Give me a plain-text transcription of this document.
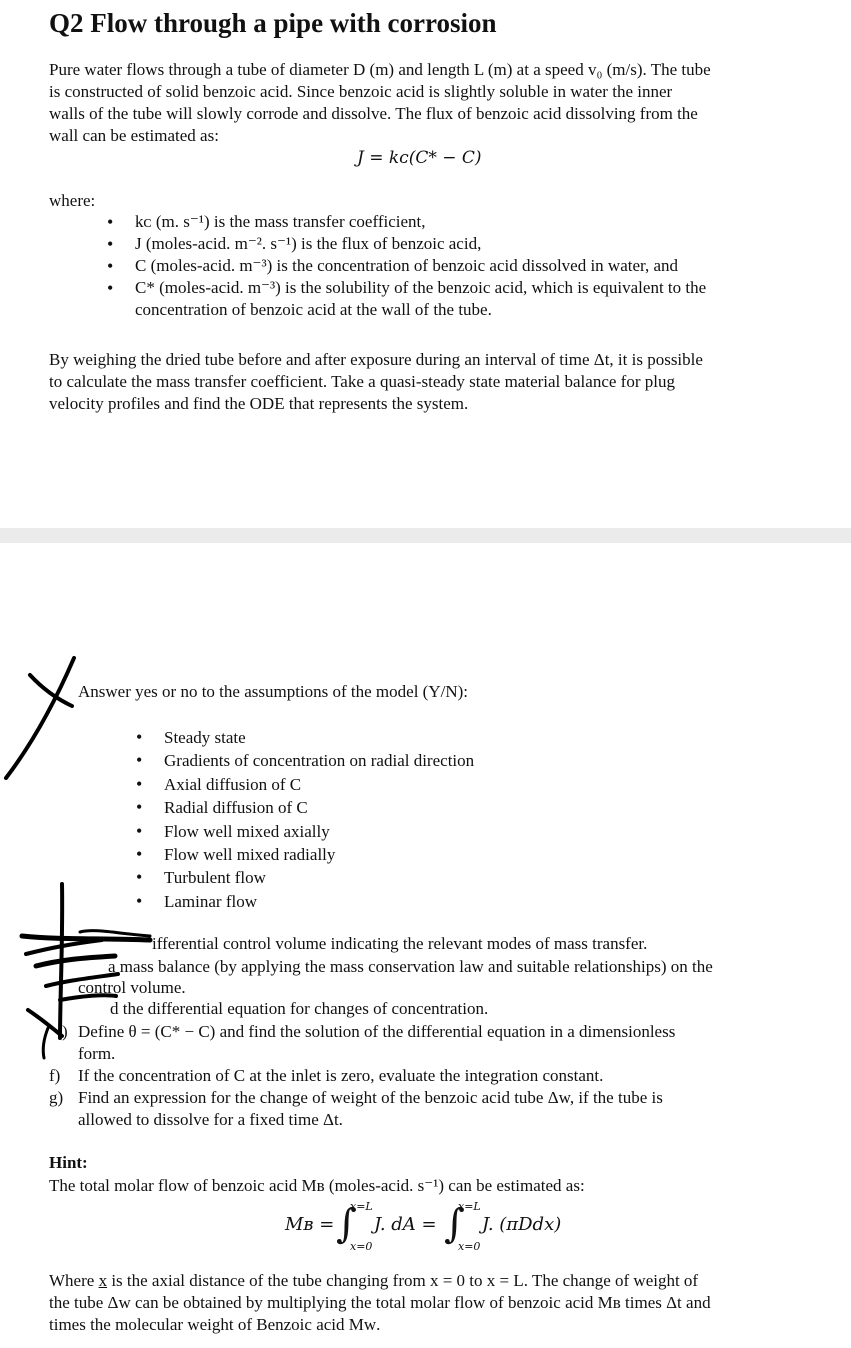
Q2 Flow through a pipe with corrosion
Pure water flows through a tube of diameter D (m) and length L (m) at a speed v₀ (m/s). The tube
is constructed of solid benzoic acid. Since benzoic acid is slightly soluble in water the inner
walls of the tube will slowly corrode and dissolve. The flux of benzoic acid dissolving from the
wall can be estimated as:
J = kᴄ(C* − C)
where:
• kᴄ (m. s⁻¹) is the mass transfer coefficient,
• J (moles-acid. m⁻². s⁻¹) is the flux of benzoic acid,
• C (moles-acid. m⁻³) is the concentration of benzoic acid dissolved in water, and
• C* (moles-acid. m⁻³) is the solubility of the benzoic acid, which is equivalent to the
concentration of benzoic acid at the wall of the tube.
By weighing the dried tube before and after exposure during an interval of time Δt, it is possible
to calculate the mass transfer coefficient. Take a quasi-steady state material balance for plug
velocity profiles and find the ODE that represents the system.
Answer yes or no to the assumptions of the model (Y/N):
• Steady state
• Gradients of concentration on radial direction
• Axial diffusion of C
• Radial diffusion of C
• Flow well mixed axially
• Flow well mixed radially
• Turbulent flow
• Laminar flow
ifferential control volume indicating the relevant modes of mass transfer.
a mass balance (by applying the mass conservation law and suitable relationships) on the
control volume.
d the differential equation for changes of concentration.
) Define θ = (C* − C) and find the solution of the differential equation in a dimensionless
form.
f) If the concentration of C at the inlet is zero, evaluate the integration constant.
g) Find an expression for the change of weight of the benzoic acid tube Δw, if the tube is
allowed to dissolve for a fixed time Δt.
Hint:
The total molar flow of benzoic acid Mʙ (moles-acid. s⁻¹) can be estimated as:
Mʙ =
x=L
∫
x=0
J. dA =
x=L
∫
x=0
J. (πDdx)
Where x is the axial distance of the tube changing from x = 0 to x = L. The change of weight of
the tube Δw can be obtained by multiplying the total molar flow of benzoic acid Mʙ times Δt and
times the molecular weight of Benzoic acid Mᴡ.
